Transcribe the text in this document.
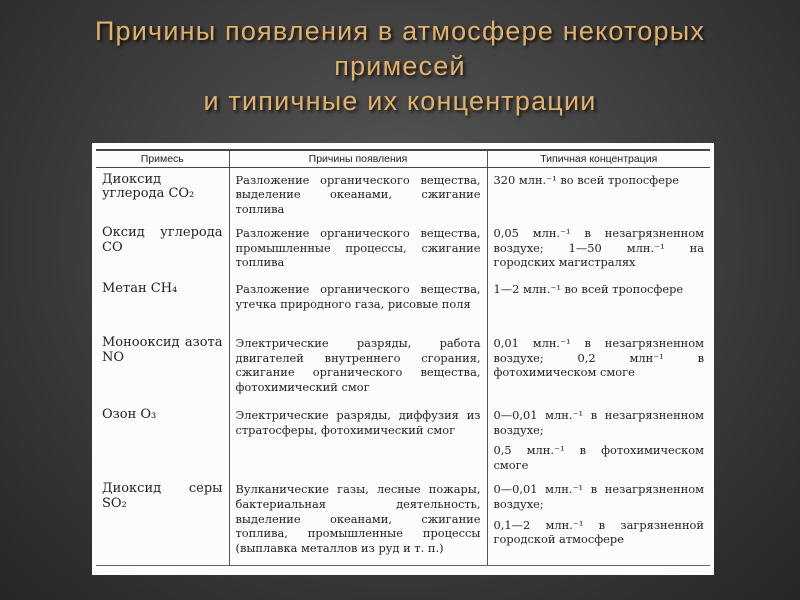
Причины появления в атмосфере некоторых
примесей
и типичные их концентрации
Примесь	Причины появления	Типичная концентрация
Диоксид углерода CO₂	Разложение органического вещества, выделение океанами, сжигание топлива	320 млн.⁻¹ во всей тропосфере

Оксид углерода CO	Разложение органического вещества, промышленные процессы, сжигание топлива	0,05 млн.⁻¹ в незагрязненном воздухе; 1—50 млн.⁻¹ на городских магистралях

Метан CH₄	Разложение органического вещества, утечка природного газа, рисовые поля	1—2 млн.⁻¹ во всей тропосфере

Монооксид азота NO	Электрические разряды, работа двигателей внутреннего сгорания, сжигание органического вещества, фотохимический смог	0,01 млн.⁻¹ в незагрязненном воздухе; 0,2 млн⁻¹ в фотохимическом смоге

Озон O₃	Электрические разряды, диффузия из стратосферы, фотохимический смог	0—0,01 млн.⁻¹ в незагрязненном воздухе;
0,5 млн.⁻¹ в фотохимическом смоге

Диоксид серы SO₂	Вулканические газы, лесные пожары, бактериальная деятельность, выделение океанами, сжигание топлива, промышленные процессы (выплавка металлов из руд и т. п.)	0—0,01 млн.⁻¹ в незагрязненном воздухе;
0,1—2 млн.⁻¹ в загрязненной городской атмосфере
